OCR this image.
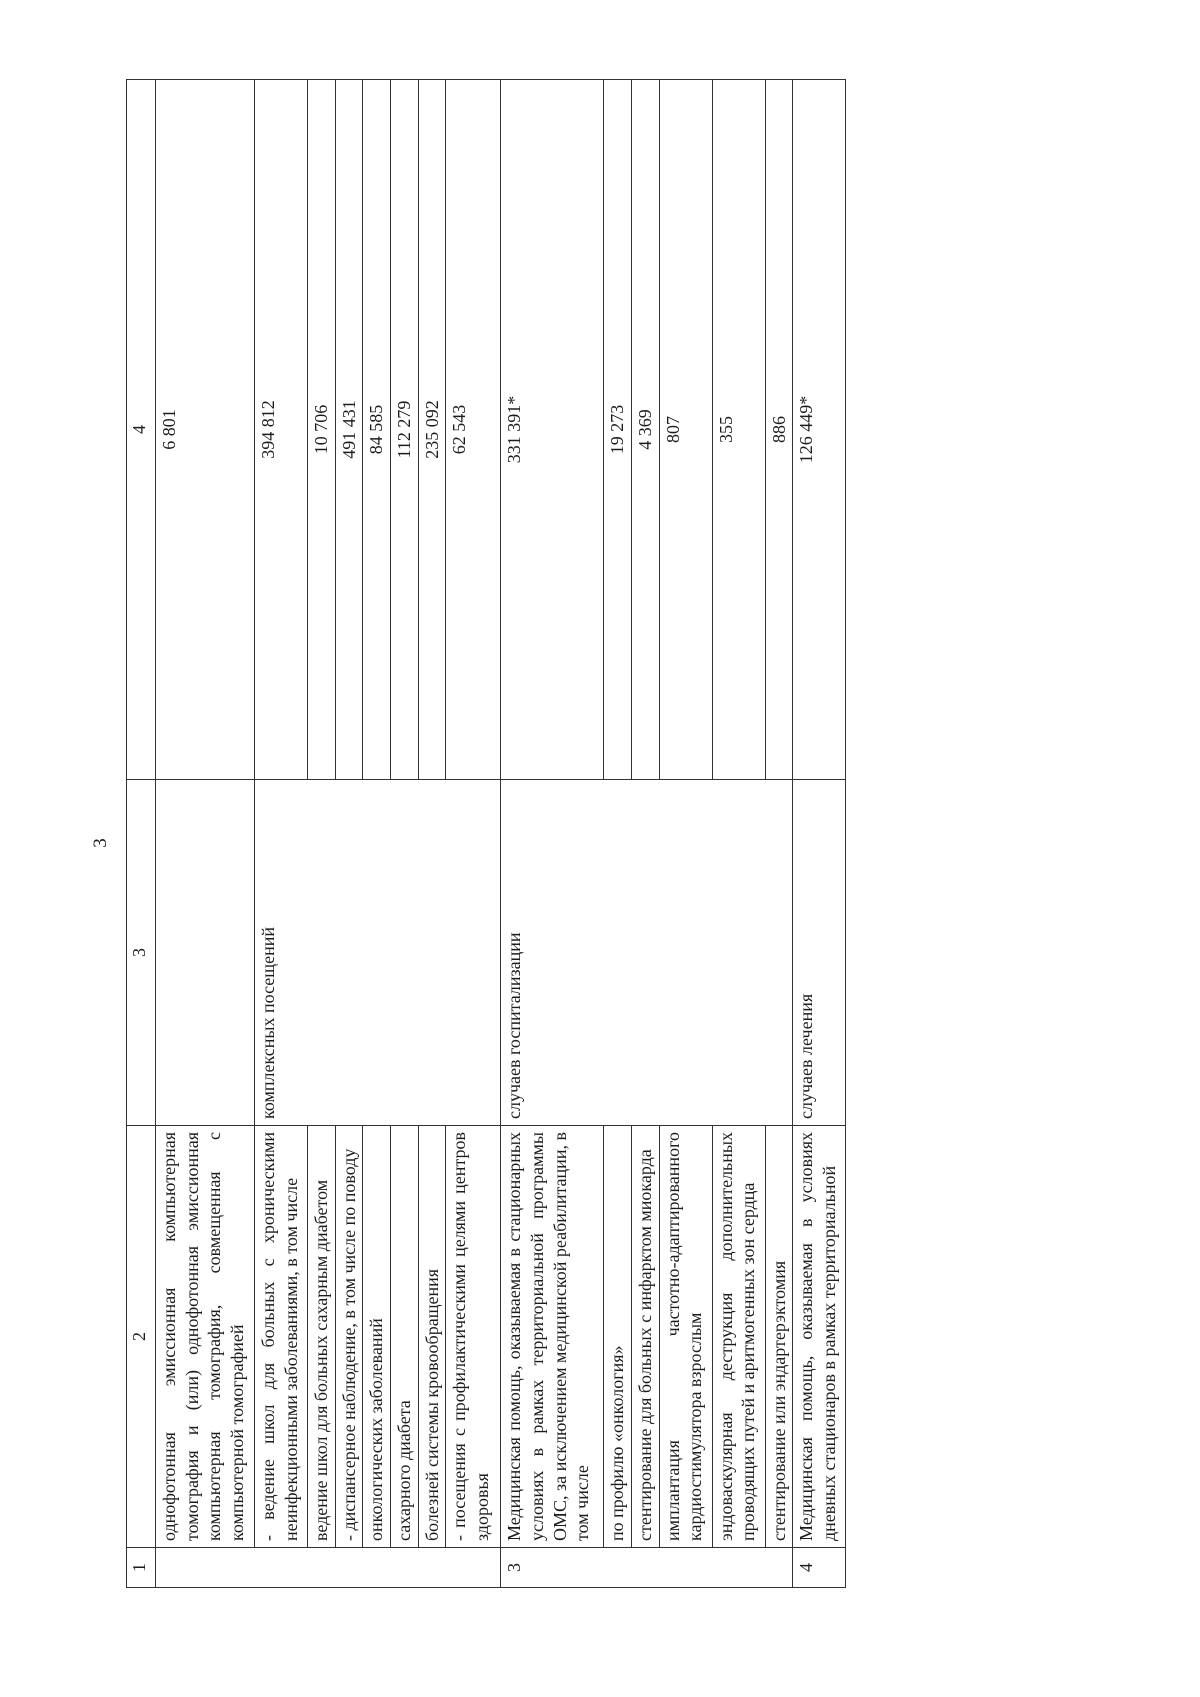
3
1	2	3	4
	однофотонная эмиссионная компьютерная томография и (или) однофотонная эмиссионная компьютерная томография, совмещенная с компьютерной томографией		6 801
	- ведение школ для больных с хроническими неинфекционными заболеваниями, в том числе	комплексных посещений	394 812
	ведение школ для больных сахарным диабетом		10 706
	- диспансерное наблюдение, в том числе по поводу		491 431
	онкологических заболеваний		84 585
	сахарного диабета		112 279
	болезней системы кровообращения		235 092
	- посещения с профилактическими целями центров здоровья		62 543
3	Медицинская помощь, оказываемая в стационарных условиях в рамках территориальной программы ОМС, за исключением медицинской реабилитации, в том числе	случаев госпитализации	331 391*
	по профилю «онкология»		19 273
	стентирование для больных с инфарктом миокарда		4 369
	имплантация частотно-адаптированного кардиостимулятора взрослым		807
	эндоваскулярная деструкция дополнительных проводящих путей и аритмогенных зон сердца		355
	стентирование или эндартерэктомия		886
4	Медицинская помощь, оказываемая в условиях дневных стационаров в рамках территориальной	случаев лечения	126 449*
